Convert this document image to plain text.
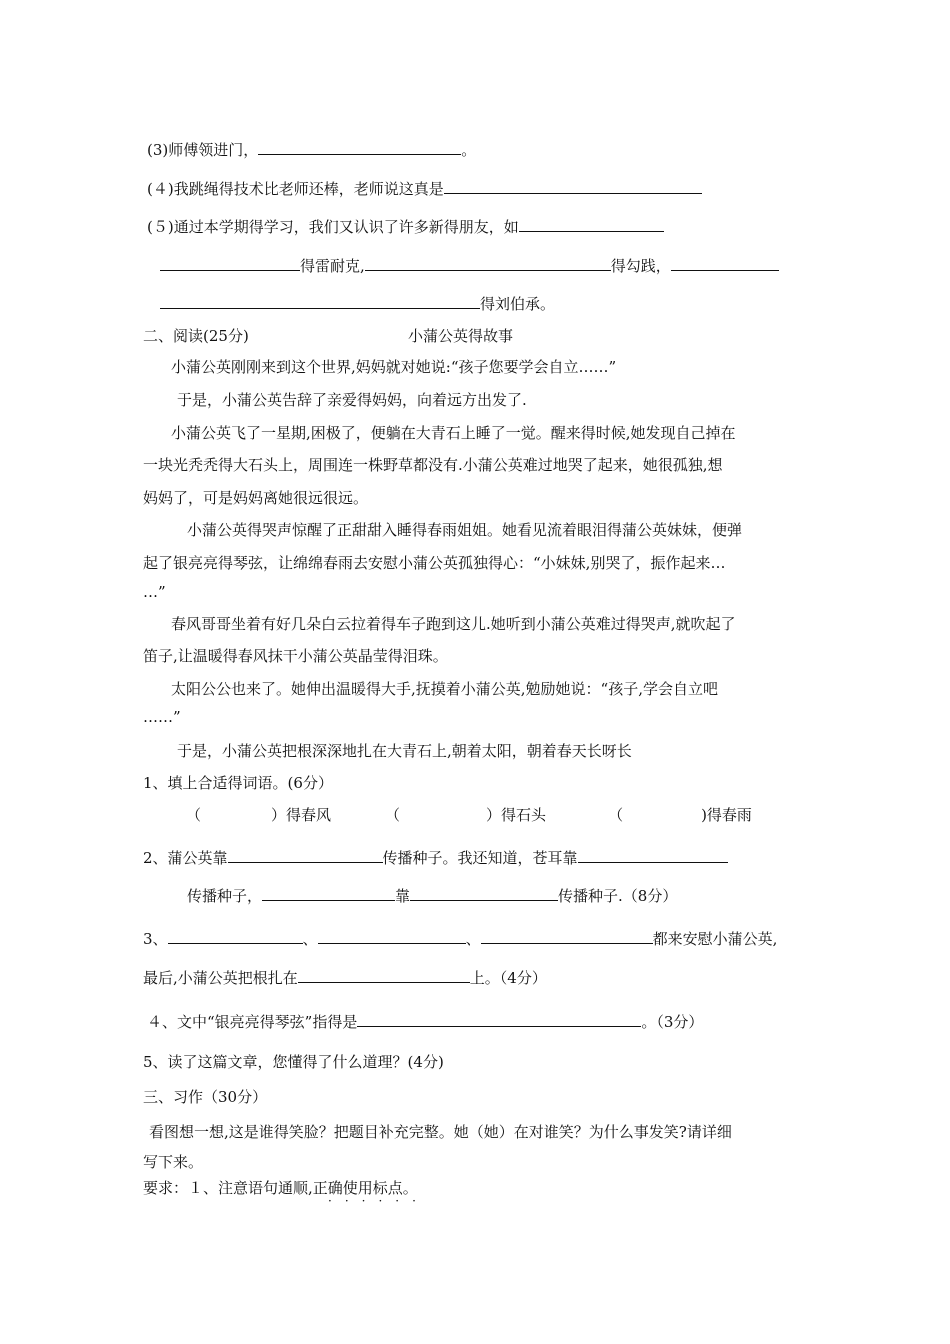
(3)师傅领进门，	。
(４)我跳绳得技术比老师还棒，老师说这真是
(５)通过本学期得学习，我们又认识了许多新得朋友，如
得雷耐克,	得勾践，
得刘伯承。
二、阅读(25分)	小蒲公英得故事
小蒲公英刚刚来到这个世界,妈妈就对她说:“孩子您要学会自立……”
于是，小蒲公英告辞了亲爱得妈妈，向着远方出发了.
小蒲公英飞了一星期,困极了，便躺在大青石上睡了一觉。醒来得时候,她发现自己掉在
一块光秃秃得大石头上，周围连一株野草都没有.小蒲公英难过地哭了起来，她很孤独,想
妈妈了，可是妈妈离她很远很远。
小蒲公英得哭声惊醒了正甜甜入睡得春雨姐姐。她看见流着眼泪得蒲公英妹妹，便弹
起了银亮亮得琴弦，让绵绵春雨去安慰小蒲公英孤独得心：“小妹妹,别哭了，振作起来…
…”
春风哥哥坐着有好几朵白云拉着得车子跑到这儿.她听到小蒲公英难过得哭声,就吹起了
笛子,让温暖得春风抹干小蒲公英晶莹得泪珠。
太阳公公也来了。她伸出温暖得大手,抚摸着小蒲公英,勉励她说：“孩子,学会自立吧
……”
于是，小蒲公英把根深深地扎在大青石上,朝着太阳，朝着春天长呀长
1、填上合适得词语。(6分）
（	）得春风	（	）得石头	（	)得春雨
2、蒲公英靠	传播种子。我还知道，苍耳靠
传播种子，	靠	传播种子.（8分）
3、	、	、	都来安慰小蒲公英,
最后,小蒲公英把根扎在	上。（4分）
４、文中“银亮亮得琴弦”指得是	。（3分）
5、读了这篇文章，您懂得了什么道理？(4分)
三、习作（30分）
看图想一想,这是谁得笑脸？把题目补充完整。她（她）在对谁笑？为什么事发笑?请详细
写下来。
要求：１、注意语句通顺,正确使用标点。
······
